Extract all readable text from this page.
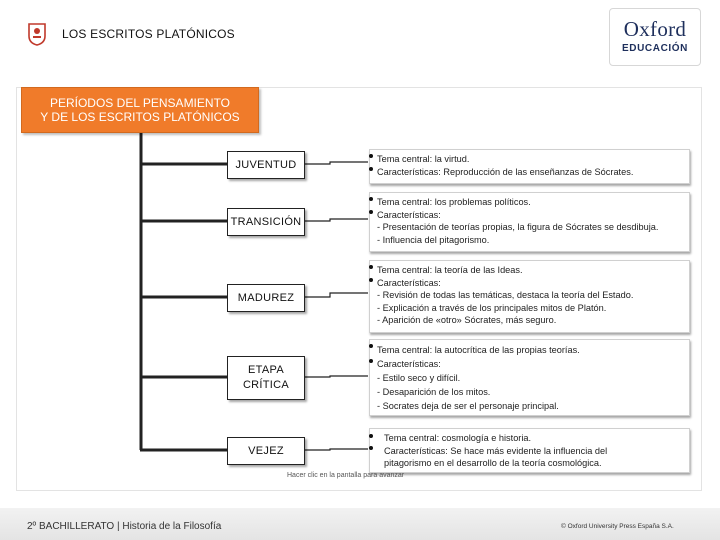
LOS ESCRITOS PLATÓNICOS	Oxford
EDUCACIÓN
PERÍODOS DEL PENSAMIENTO
Y DE LOS ESCRITOS PLATÓNICOS
JUVENTUD
TRANSICIÓN
MADUREZ
ETAPA
CRÍTICA
VEJEZ
Tema central: la virtud.
Características: Reproducción de las enseñanzas de Sócrates.
Tema central: los problemas políticos.
Características:
- Presentación de teorías propias, la figura de Sócrates se desdibuja.
- Influencia del pitagorismo.
Tema central: la teoría de las Ideas.
Características:
- Revisión de todas las temáticas, destaca la teoría del Estado.
- Explicación a través de los principales mitos de Platón.
- Aparición de «otro» Sócrates, más seguro.
Tema central: la autocrítica de las propias teorías.
Características:
- Estilo seco y difícil.
- Desaparición de los mitos.
- Socrates deja de ser el personaje principal.
Tema central: cosmología e historia.
Características: Se hace más evidente la influencia del
pitagorismo en el desarrollo de la teoría cosmológica.
Hacer clic en la pantalla para avanzar
2º BACHILLERATO | Historia de la Filosofía	© Oxford University Press España S.A.
